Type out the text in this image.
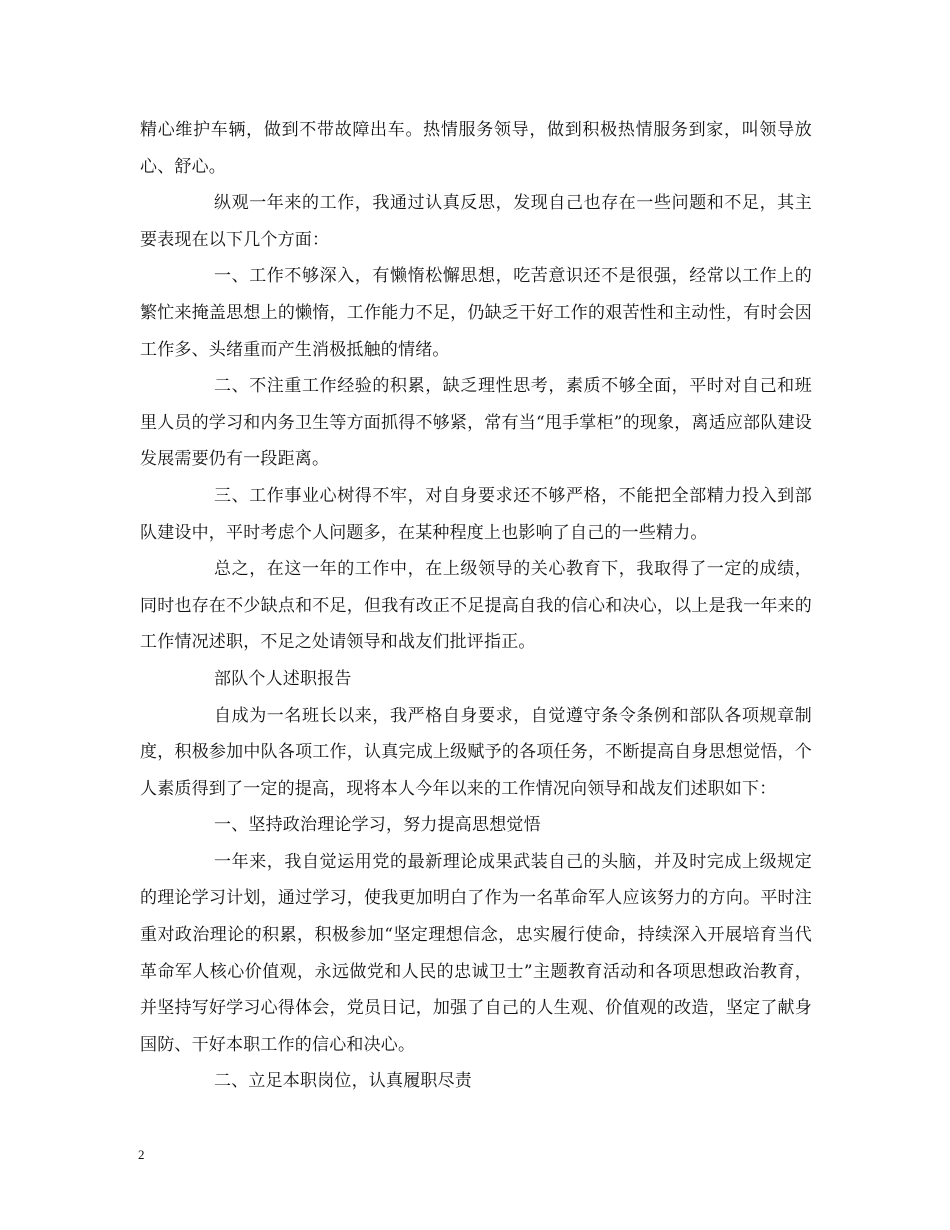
精心维护车辆，做到不带故障出车。热情服务领导，做到积极热情服务到家，叫领导放心、舒心。

纵观一年来的工作，我通过认真反思，发现自己也存在一些问题和不足，其主要表现在以下几个方面：

一、工作不够深入，有懒惰松懈思想，吃苦意识还不是很强，经常以工作上的繁忙来掩盖思想上的懒惰，工作能力不足，仍缺乏干好工作的艰苦性和主动性，有时会因工作多、头绪重而产生消极抵触的情绪。

二、不注重工作经验的积累，缺乏理性思考，素质不够全面，平时对自己和班里人员的学习和内务卫生等方面抓得不够紧，常有当“甩手掌柜”的现象，离适应部队建设发展需要仍有一段距离。

三、工作事业心树得不牢，对自身要求还不够严格，不能把全部精力投入到部队建设中，平时考虑个人问题多，在某种程度上也影响了自己的一些精力。

总之，在这一年的工作中，在上级领导的关心教育下，我取得了一定的成绩，同时也存在不少缺点和不足，但我有改正不足提高自我的信心和决心，以上是我一年来的工作情况述职，不足之处请领导和战友们批评指正。

部队个人述职报告

自成为一名班长以来，我严格自身要求，自觉遵守条令条例和部队各项规章制度，积极参加中队各项工作，认真完成上级赋予的各项任务，不断提高自身思想觉悟，个人素质得到了一定的提高，现将本人今年以来的工作情况向领导和战友们述职如下：

一、坚持政治理论学习，努力提高思想觉悟

一年来，我自觉运用党的最新理论成果武装自己的头脑，并及时完成上级规定的理论学习计划，通过学习，使我更加明白了作为一名革命军人应该努力的方向。平时注重对政治理论的积累，积极参加“坚定理想信念，忠实履行使命，持续深入开展培育当代革命军人核心价值观，永远做党和人民的忠诚卫士”主题教育活动和各项思想政治教育，并坚持写好学习心得体会，党员日记，加强了自己的人生观、价值观的改造，坚定了献身国防、干好本职工作的信心和决心。

二、立足本职岗位，认真履职尽责

2
